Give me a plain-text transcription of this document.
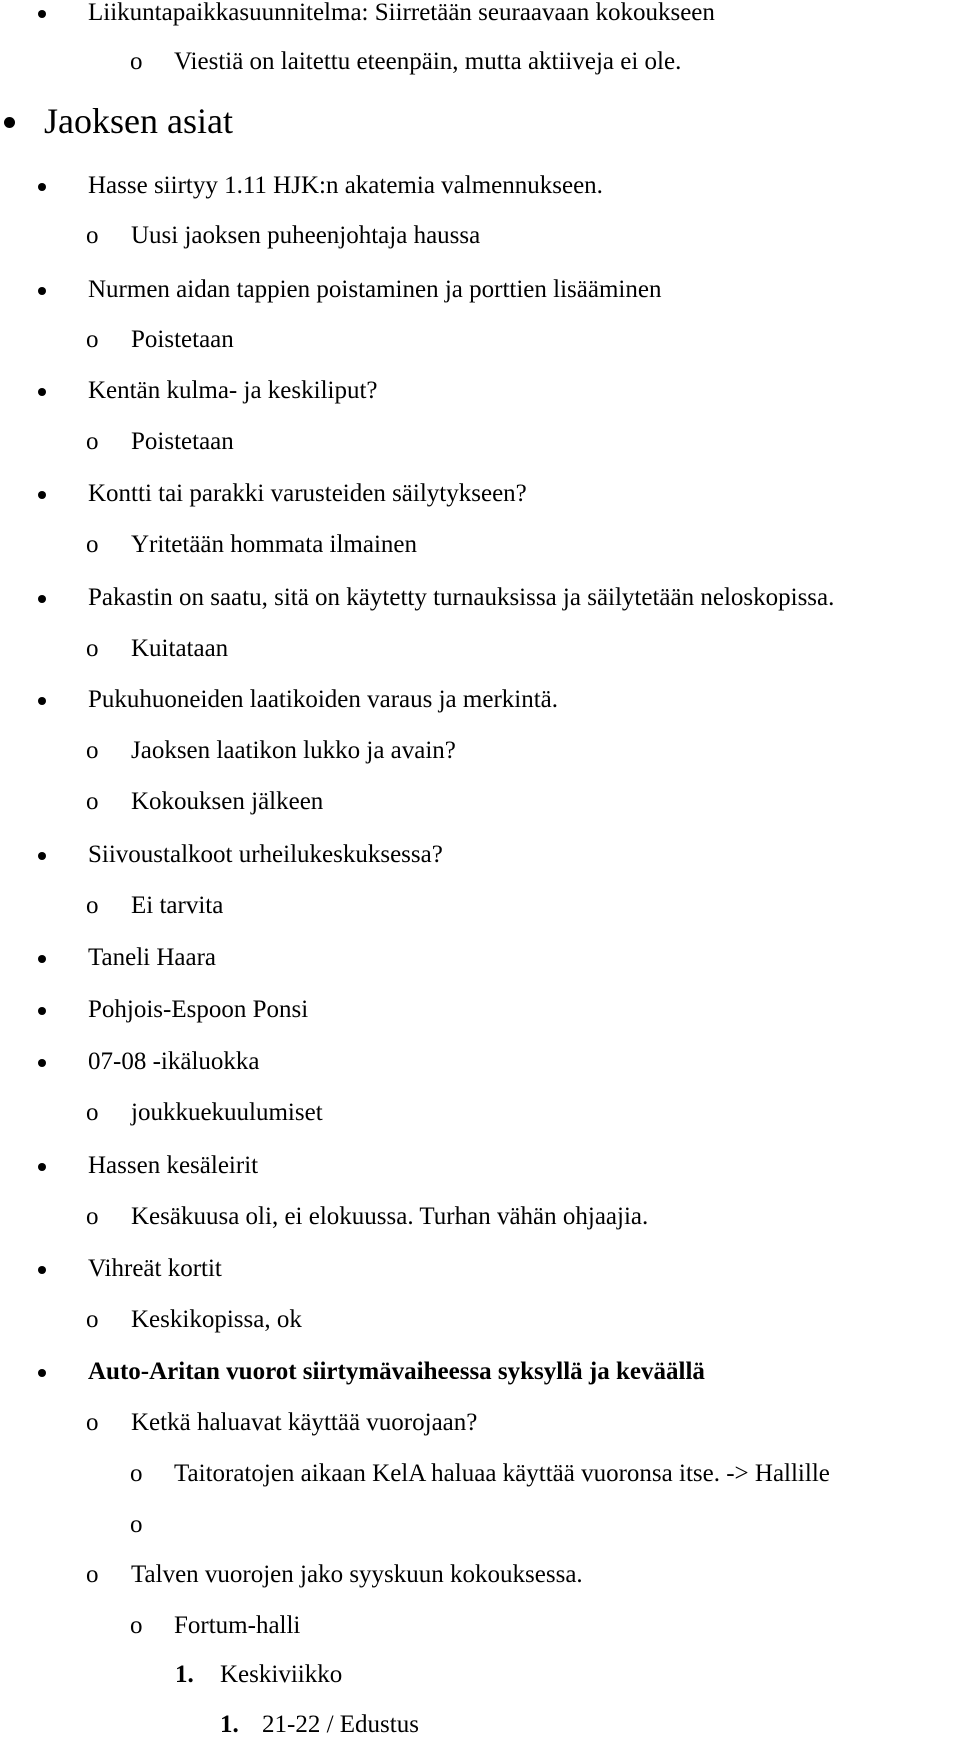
Liikuntapaikkasuunnitelma: Siirretään seuraavaan kokoukseen
o Viestiä on laitettu eteenpäin, mutta aktiiveja ei ole.
Jaoksen asiat
Hasse siirtyy 1.11 HJK:n akatemia valmennukseen.
o Uusi jaoksen puheenjohtaja haussa
Nurmen aidan tappien poistaminen ja porttien lisääminen
o Poistetaan
Kentän kulma- ja keskiliput?
o Poistetaan
Kontti tai parakki varusteiden säilytykseen?
o Yritetään hommata ilmainen
Pakastin on saatu, sitä on käytetty turnauksissa ja säilytetään neloskopissa.
o Kuitataan
Pukuhuoneiden laatikoiden varaus ja merkintä.
o Jaoksen laatikon lukko ja avain?
o Kokouksen jälkeen
Siivoustalkoot urheilukeskuksessa?
o Ei tarvita
Taneli Haara
Pohjois-Espoon Ponsi
07-08 -ikäluokka
o joukkuekuulumiset
Hassen kesäleirit
o Kesäkuusa oli, ei elokuussa. Turhan vähän ohjaajia.
Vihreät kortit
o Keskikopissa, ok
Auto-Aritan vuorot siirtymävaiheessa syksyllä ja keväällä
o Ketkä haluavat käyttää vuorojaan?
o Taitoratojen aikaan KelA haluaa käyttää vuoronsa itse. -> Hallille
o
o Talven vuorojen jako syyskuun kokouksessa.
o Fortum-halli
1. Keskiviikko
1. 21-22 / Edustus
